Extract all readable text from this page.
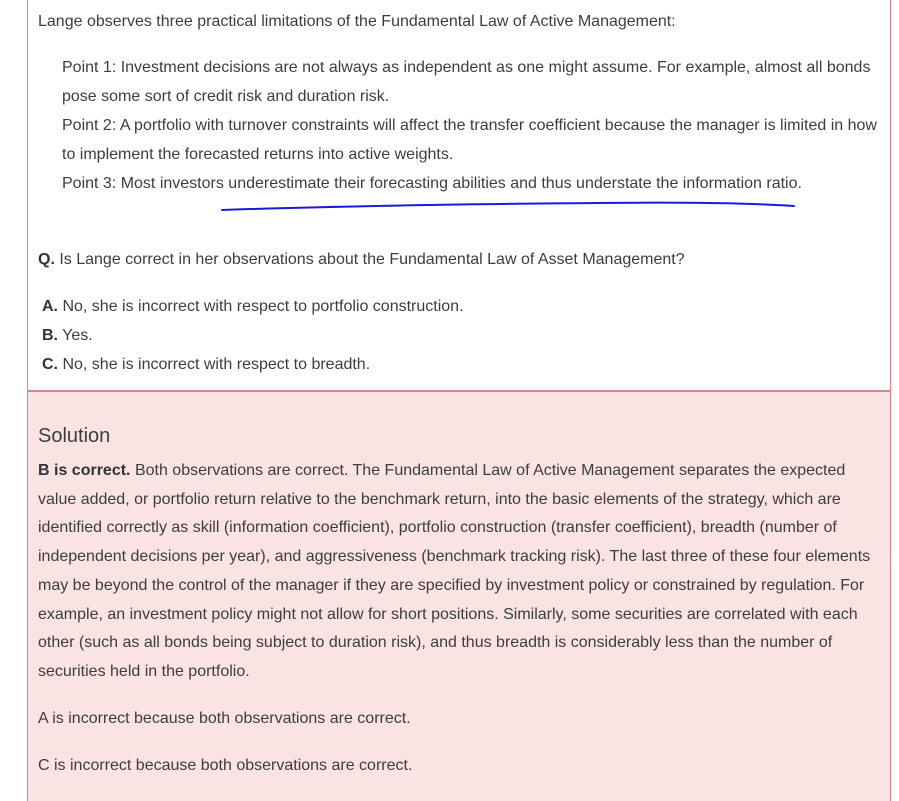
Lange observes three practical limitations of the Fundamental Law of Active Management:
Point 1: Investment decisions are not always as independent as one might assume. For example, almost all bonds
pose some sort of credit risk and duration risk.
Point 2: A portfolio with turnover constraints will affect the transfer coefficient because the manager is limited in how
to implement the forecasted returns into active weights.
Point 3: Most investors underestimate their forecasting abilities and thus understate the information ratio.
Q. Is Lange correct in her observations about the Fundamental Law of Asset Management?
A. No, she is incorrect with respect to portfolio construction.
B. Yes.
C. No, she is incorrect with respect to breadth.
Solution
B is correct. Both observations are correct. The Fundamental Law of Active Management separates the expected
value added, or portfolio return relative to the benchmark return, into the basic elements of the strategy, which are
identified correctly as skill (information coefficient), portfolio construction (transfer coefficient), breadth (number of
independent decisions per year), and aggressiveness (benchmark tracking risk). The last three of these four elements
may be beyond the control of the manager if they are specified by investment policy or constrained by regulation. For
example, an investment policy might not allow for short positions. Similarly, some securities are correlated with each
other (such as all bonds being subject to duration risk), and thus breadth is considerably less than the number of
securities held in the portfolio.
A is incorrect because both observations are correct.
C is incorrect because both observations are correct.
